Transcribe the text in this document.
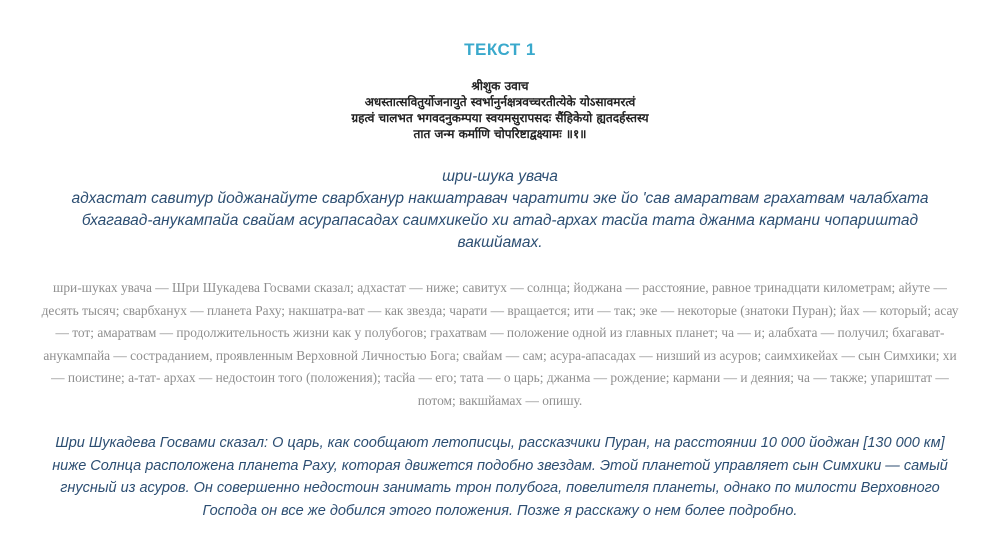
ТЕКСТ 1
श्रीशुक उवाच
अधस्तात्सवितुर्योजनायुते स्वर्भानुर्नक्षत्रवच्चरतीत्येके योऽसावमरत्वं
ग्रहत्वं चालभत भगवदनुकम्पया स्वयमसुरापसदः सैंहिकेयो ह्यतदर्हस्तस्य
तात जन्म कर्माणि चोपरिष्टाद्वक्ष्यामः ॥१॥
шри-шука увача
адхастат савитур йоджанайуте сварбханур накшатравач чаратити эке йо 'сав амаратвам грахатвам чалабхата бхагавад-анукампайа свайам асурапасадах саимхикейо хи атад-архах тасйа тата джанма кармани чопариштад вакшйамах.
шри-шуках увача — Шри Шукадева Госвами сказал; адхастат — ниже; савитух — солнца; йоджана — расстояние, равное тринадцати километрам; айуте — десять тысяч; сварбханух — планета Раху; накшатра-ват — как звезда; чарати — вращается; ити — так; эке — некоторые (знатоки Пуран); йах — который; асау — тот; амаратвам — продолжительность жизни как у полубогов; грахатвам — положение одной из главных планет; ча — и; алабхата — получил; бхагават-анукампайа — состраданием, проявленным Верховной Личностью Бога; свайам — сам; асура-апасадах — низший из асуров; саимхикейах — сын Симхики; хи — поистине; а-тат- архах — недостоин того (положения); тасйа — его; тата — о царь; джанма — рождение; кармани — и деяния; ча — также; упариштат — потом; вакшйамах — опишу.
Шри Шукадева Госвами сказал: О царь, как сообщают летописцы, рассказчики Пуран, на расстоянии 10 000 йоджан [130 000 км] ниже Солнца расположена планета Раху, которая движется подобно звездам. Этой планетой управляет сын Симхики — самый гнусный из асуров. Он совершенно недостоин занимать трон полубога, повелителя планеты, однако по милости Верховного Господа он все же добился этого положения. Позже я расскажу о нем более подробно.
